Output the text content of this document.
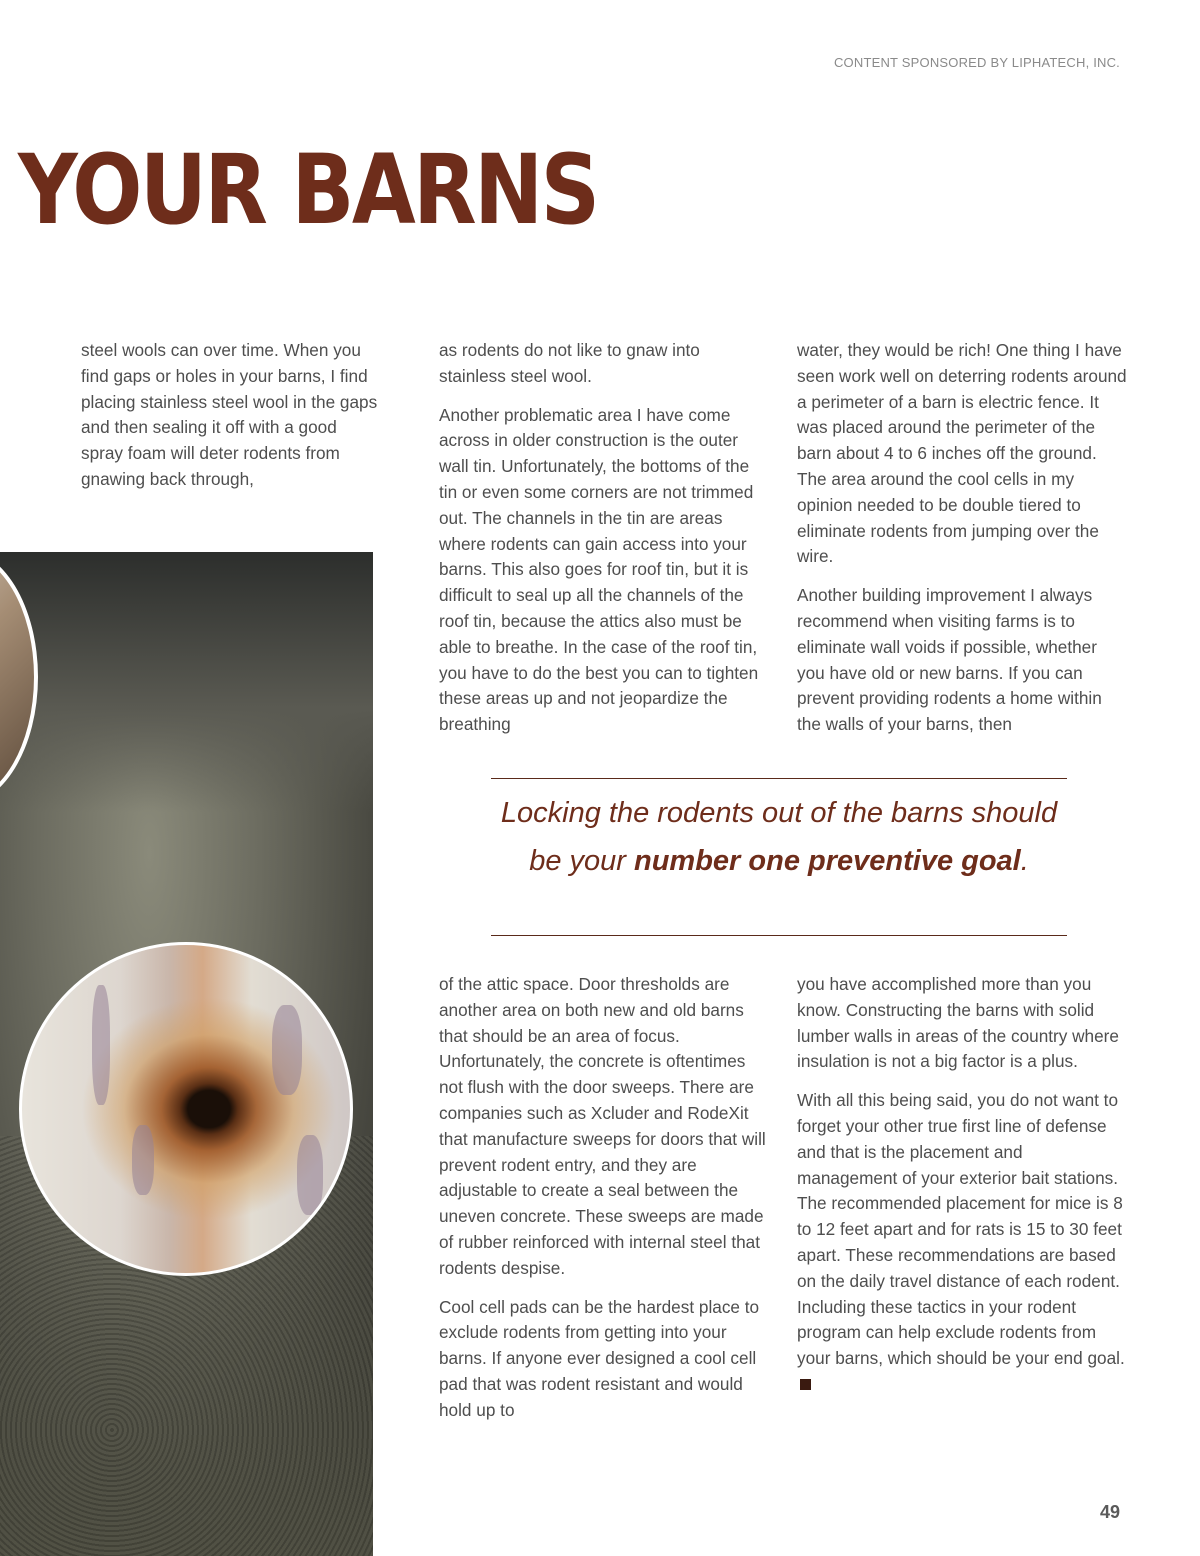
CONTENT SPONSORED BY LIPHATECH, INC.
YOUR BARNS

steel wools can over time. When you find gaps or holes in your barns, I find placing stainless steel wool in the gaps and then sealing it off with a good spray foam will deter rodents from gnawing back through,

as rodents do not like to gnaw into stainless steel wool.

Another problematic area I have come across in older construction is the outer wall tin. Unfortunately, the bottoms of the tin or even some corners are not trimmed out. The channels in the tin are areas where rodents can gain access into your barns. This also goes for roof tin, but it is difficult to seal up all the channels of the roof tin, because the attics also must be able to breathe. In the case of the roof tin, you have to do the best you can to tighten these areas up and not jeopardize the breathing

water, they would be rich! One thing I have seen work well on deterring rodents around a perimeter of a barn is electric fence. It was placed around the perimeter of the barn about 4 to 6 inches off the ground. The area around the cool cells in my opinion needed to be double tiered to eliminate rodents from jumping over the wire.

Another building improvement I always recommend when visiting farms is to eliminate wall voids if possible, whether you have old or new barns. If you can prevent providing rodents a home within the walls of your barns, then

Locking the rodents out of the barns should be your number one preventive goal.

of the attic space. Door thresholds are another area on both new and old barns that should be an area of focus. Unfortunately, the concrete is oftentimes not flush with the door sweeps. There are companies such as Xcluder and RodeXit that manufacture sweeps for doors that will prevent rodent entry, and they are adjustable to create a seal between the uneven concrete. These sweeps are made of rubber reinforced with internal steel that rodents despise.

Cool cell pads can be the hardest place to exclude rodents from getting into your barns. If anyone ever designed a cool cell pad that was rodent resistant and would hold up to

you have accomplished more than you know. Constructing the barns with solid lumber walls in areas of the country where insulation is not a big factor is a plus.

With all this being said, you do not want to forget your other true first line of defense and that is the placement and management of your exterior bait stations. The recommended placement for mice is 8 to 12 feet apart and for rats is 15 to 30 feet apart. These recommendations are based on the daily travel distance of each rodent. Including these tactics in your rodent program can help exclude rodents from your barns, which should be your end goal.

49
